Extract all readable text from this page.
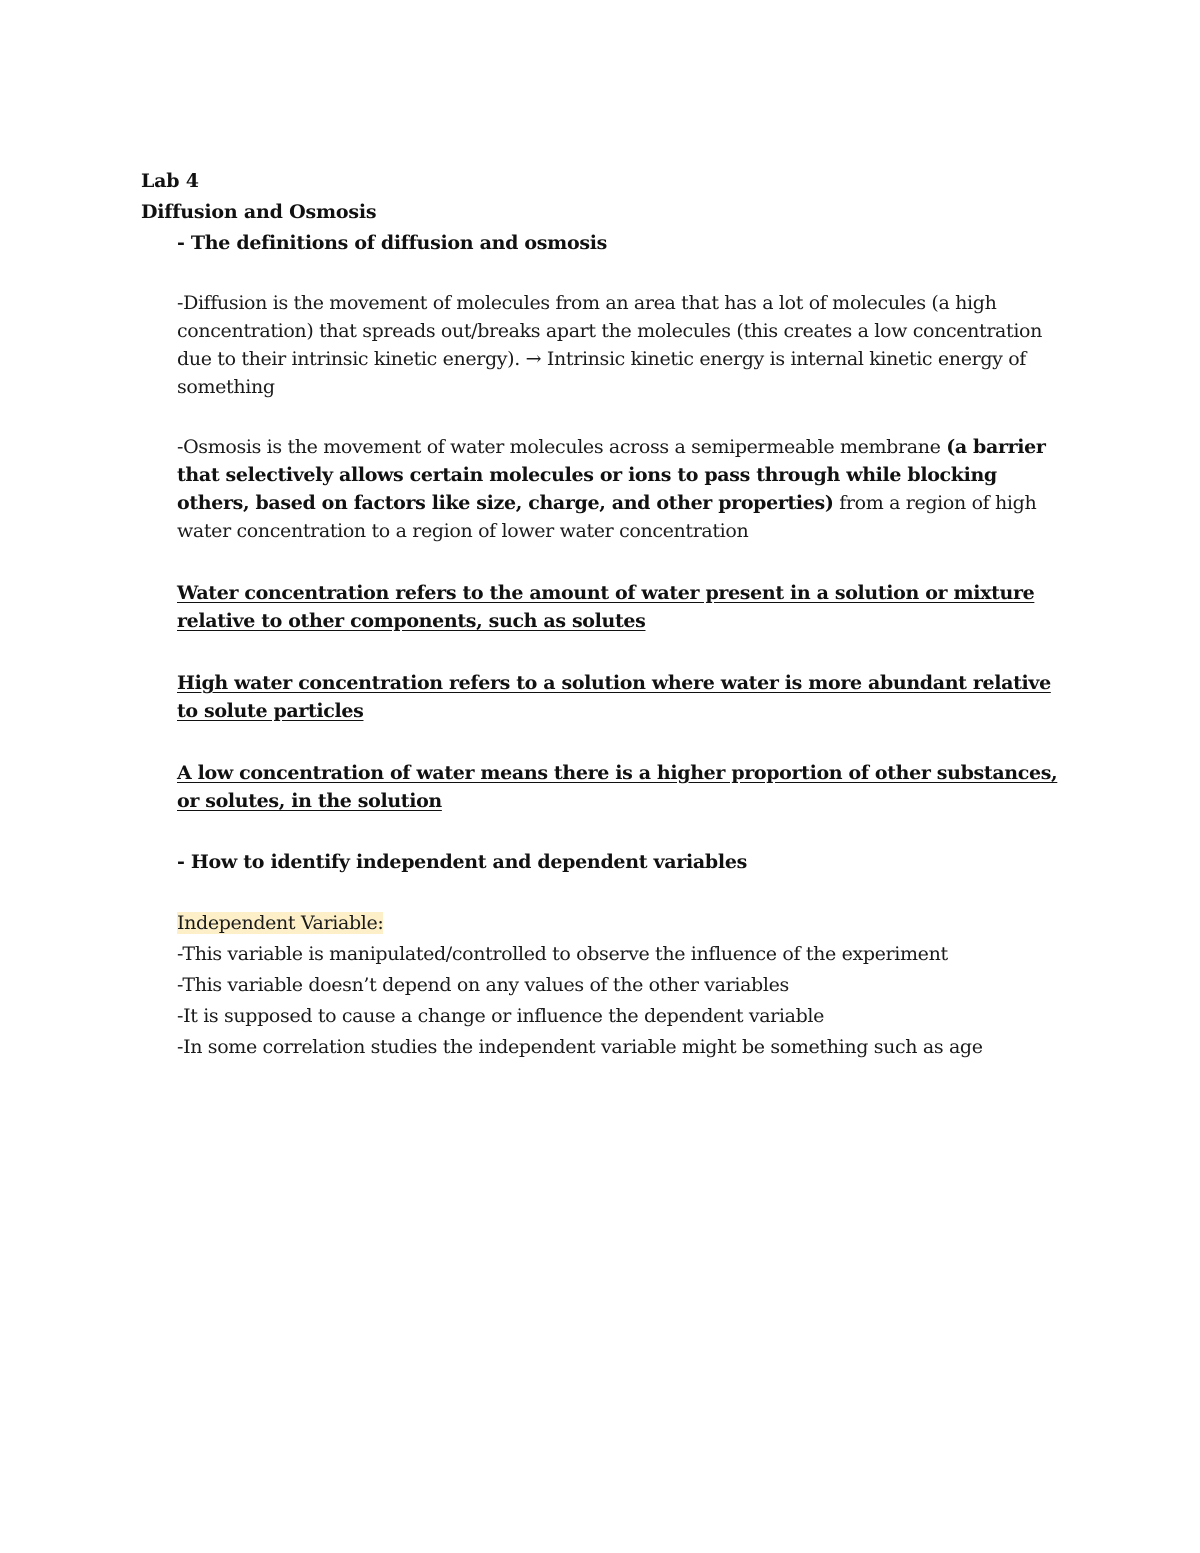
Lab 4
Diffusion and Osmosis
- The definitions of diffusion and osmosis
-Diffusion is the movement of molecules from an area that has a lot of molecules (a high concentration) that spreads out/breaks apart the molecules (this creates a low concentration due to their intrinsic kinetic energy). → Intrinsic kinetic energy is internal kinetic energy of something
-Osmosis is the movement of water molecules across a semipermeable membrane (a barrier that selectively allows certain molecules or ions to pass through while blocking others, based on factors like size, charge, and other properties) from a region of high water concentration to a region of lower water concentration
Water concentration refers to the amount of water present in a solution or mixture relative to other components, such as solutes
High water concentration refers to a solution where water is more abundant relative to solute particles
A low concentration of water means there is a higher proportion of other substances, or solutes, in the solution
- How to identify independent and dependent variables
Independent Variable:
-This variable is manipulated/controlled to observe the influence of the experiment
-This variable doesn’t depend on any values of the other variables
-It is supposed to cause a change or influence the dependent variable
-In some correlation studies the independent variable might be something such as age
